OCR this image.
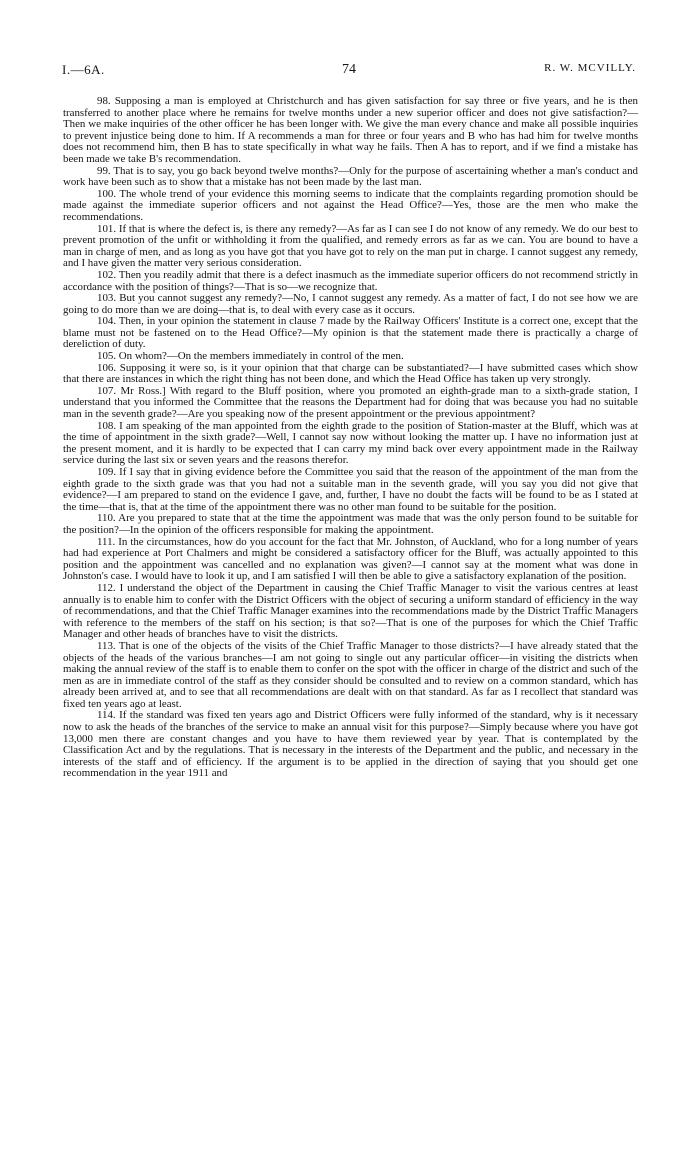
I.—6A.	74	R. W. MCVILLY.

98. Supposing a man is employed at Christchurch and has given satisfaction for say three or five years, and he is then transferred to another place where he remains for twelve months under a new superior officer and does not give satisfaction?—Then we make inquiries of the other officer he has been longer with. We give the man every chance and make all possible inquiries to prevent injustice being done to him. If A recommends a man for three or four years and B who has had him for twelve months does not recommend him, then B has to state specifically in what way he fails. Then A has to report, and if we find a mistake has been made we take B's recommendation.

99. That is to say, you go back beyond twelve months?—Only for the purpose of ascertaining whether a man's conduct and work have been such as to show that a mistake has not been made by the last man.

100. The whole trend of your evidence this morning seems to indicate that the complaints regarding promotion should be made against the immediate superior officers and not against the Head Office?—Yes, those are the men who make the recommendations.

101. If that is where the defect is, is there any remedy?—As far as I can see I do not know of any remedy. We do our best to prevent promotion of the unfit or withholding it from the qualified, and remedy errors as far as we can. You are bound to have a man in charge of men, and as long as you have got that you have got to rely on the man put in charge. I cannot suggest any remedy, and I have given the matter very serious consideration.

102. Then you readily admit that there is a defect inasmuch as the immediate superior officers do not recommend strictly in accordance with the position of things?—That is so—we recognize that.

103. But you cannot suggest any remedy?—No, I cannot suggest any remedy. As a matter of fact, I do not see how we are going to do more than we are doing—that is, to deal with every case as it occurs.

104. Then, in your opinion the statement in clause 7 made by the Railway Officers' Institute is a correct one, except that the blame must not be fastened on to the Head Office?—My opinion is that the statement made there is practically a charge of dereliction of duty.

105. On whom?—On the members immediately in control of the men.

106. Supposing it were so, is it your opinion that that charge can be substantiated?—I have submitted cases which show that there are instances in which the right thing has not been done, and which the Head Office has taken up very strongly.

107. Mr Ross.] With regard to the Bluff position, where you promoted an eighth-grade man to a sixth-grade station, I understand that you informed the Committee that the reasons the Department had for doing that was because you had no suitable man in the seventh grade?—Are you speaking now of the present appointment or the previous appointment?

108. I am speaking of the man appointed from the eighth grade to the position of Station-master at the Bluff, which was at the time of appointment in the sixth grade?—Well, I cannot say now without looking the matter up. I have no information just at the present moment, and it is hardly to be expected that I can carry my mind back over every appointment made in the Railway service during the last six or seven years and the reasons therefor.

109. If I say that in giving evidence before the Committee you said that the reason of the appointment of the man from the eighth grade to the sixth grade was that you had not a suitable man in the seventh grade, will you say you did not give that evidence?—I am prepared to stand on the evidence I gave, and, further, I have no doubt the facts will be found to be as I stated at the time—that is, that at the time of the appointment there was no other man found to be suitable for the position.

110. Are you prepared to state that at the time the appointment was made that was the only person found to be suitable for the position?—In the opinion of the officers responsible for making the appointment.

111. In the circumstances, how do you account for the fact that Mr. Johnston, of Auckland, who for a long number of years had had experience at Port Chalmers and might be considered a satisfactory officer for the Bluff, was actually appointed to this position and the appointment was cancelled and no explanation was given?—I cannot say at the moment what was done in Johnston's case. I would have to look it up, and I am satisfied I will then be able to give a satisfactory explanation of the position.

112. I understand the object of the Department in causing the Chief Traffic Manager to visit the various centres at least annually is to enable him to confer with the District Officers with the object of securing a uniform standard of efficiency in the way of recommendations, and that the Chief Traffic Manager examines into the recommendations made by the District Traffic Managers with reference to the members of the staff on his section; is that so?—That is one of the purposes for which the Chief Traffic Manager and other heads of branches have to visit the districts.

113. That is one of the objects of the visits of the Chief Traffic Manager to those districts?—I have already stated that the objects of the heads of the various branches—I am not going to single out any particular officer—in visiting the districts when making the annual review of the staff is to enable them to confer on the spot with the officer in charge of the district and such of the men as are in immediate control of the staff as they consider should be consulted and to review on a common standard, which has already been arrived at, and to see that all recommendations are dealt with on that standard. As far as I recollect that standard was fixed ten years ago at least.

114. If the standard was fixed ten years ago and District Officers were fully informed of the standard, why is it necessary now to ask the heads of the branches of the service to make an annual visit for this purpose?—Simply because where you have got 13,000 men there are constant changes and you have to have them reviewed year by year. That is contemplated by the Classification Act and by the regulations. That is necessary in the interests of the Department and the public, and necessary in the interests of the staff and of efficiency. If the argument is to be applied in the direction of saying that you should get one recommendation in the year 1911 and
